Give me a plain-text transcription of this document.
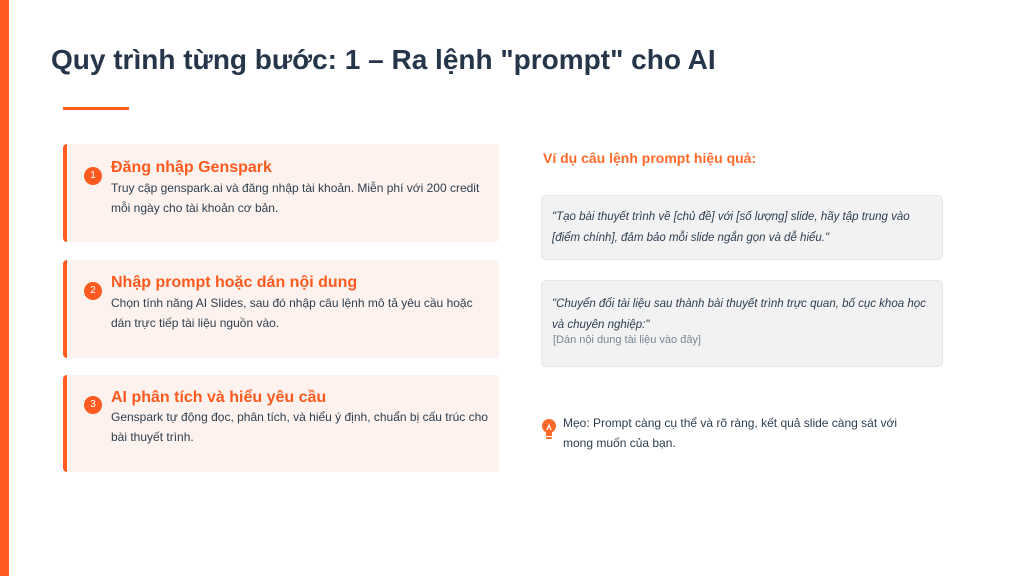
Quy trình từng bước: 1 – Ra lệnh "prompt" cho AI
1 Đăng nhập Genspark
Truy cập genspark.ai và đăng nhập tài khoản. Miễn phí với 200 credit mỗi ngày cho tài khoản cơ bản.
2 Nhập prompt hoặc dán nội dung
Chọn tính năng AI Slides, sau đó nhập câu lệnh mô tả yêu cầu hoặc dán trực tiếp tài liệu nguồn vào.
3 AI phân tích và hiểu yêu cầu
Genspark tự động đọc, phân tích, và hiểu ý định, chuẩn bị cấu trúc cho bài thuyết trình.
Ví dụ câu lệnh prompt hiệu quả:
"Tạo bài thuyết trình về [chủ đề] với [số lượng] slide, hãy tập trung vào [điểm chính], đảm bảo mỗi slide ngắn gọn và dễ hiểu."
"Chuyển đổi tài liệu sau thành bài thuyết trình trực quan, bố cục khoa học và chuyên nghiệp:"
[Dán nội dung tài liệu vào đây]
Mẹo: Prompt càng cụ thể và rõ ràng, kết quả slide càng sát với mong muốn của bạn.
